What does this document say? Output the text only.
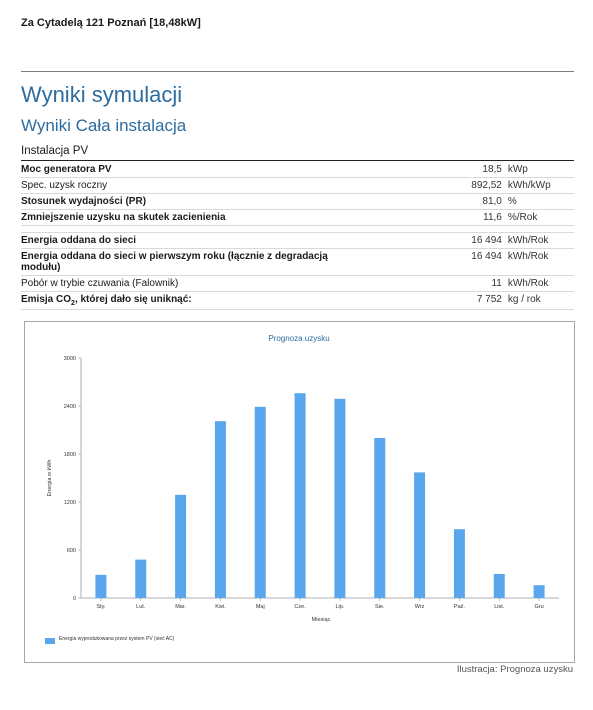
Za Cytadelą 121 Poznań [18,48kW]
Wyniki symulacji
Wyniki Cała instalacja
Instalacja PV
Moc generatora PV	18,5	kWp
Spec. uzysk roczny	892,52	kWh/kWp
Stosunek wydajności (PR)	81,0	%
Zmniejszenie uzysku na skutek zacienienia	11,6	%/Rok

Energia oddana do sieci	16 494	kWh/Rok
Energia oddana do sieci w pierwszym roku (łącznie z degradacją modułu)	16 494	kWh/Rok
Pobór w trybie czuwania (Falownik)	11	kWh/Rok
Emisja $CO_2$, której dało się uniknąć:	7 752	kg / rok
Prognoza uzysku
0
600
1200
1800
2400
3000
Sty.	Lut.	Mar.	Kwi.	Maj	Cze.	Lip.	Sie.	Wrz	Paź.	List.	Gru
Miesiąc
Energia w kWh
Energia wyprodukowana przez system PV (sieć AC)
Ilustracja: Prognoza uzysku
